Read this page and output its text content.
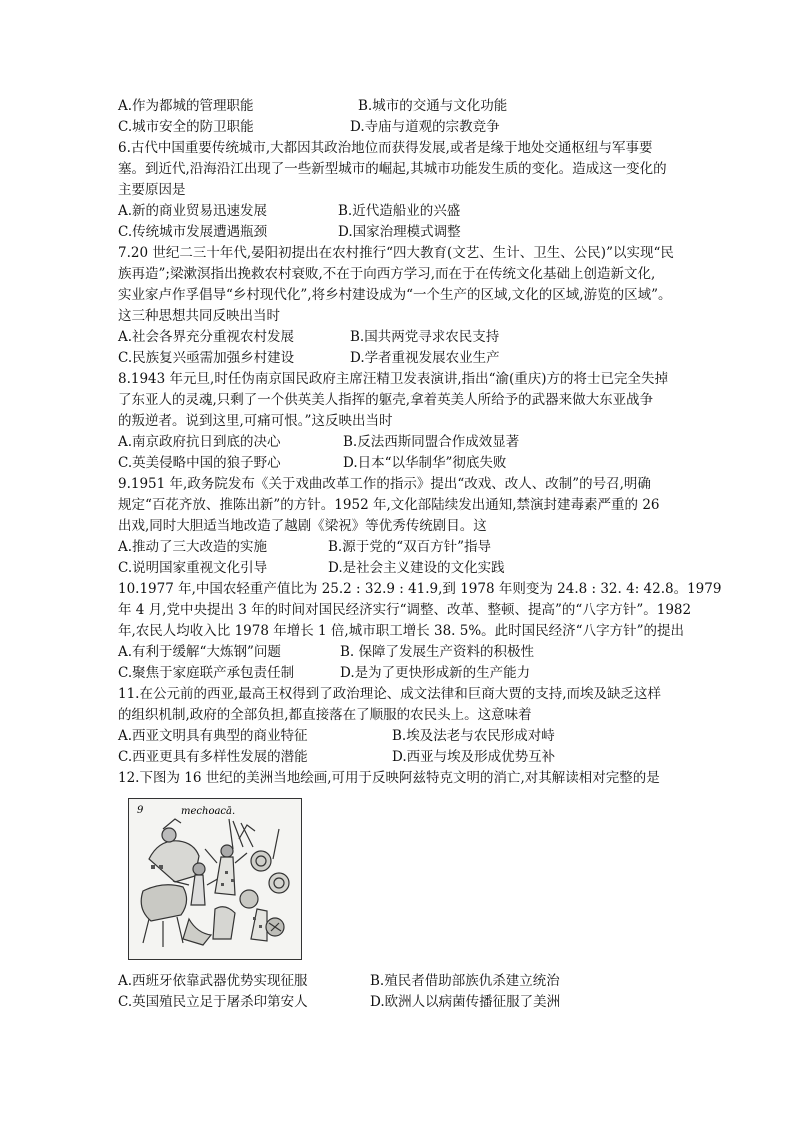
A.作为都城的管理职能	B.城市的交通与文化功能
C.城市安全的防卫职能	D.寺庙与道观的宗教竞争
6.古代中国重要传统城市,大都因其政治地位而获得发展,或者是缘于地处交通枢纽与军事要
塞。到近代,沿海沿江出现了一些新型城市的崛起,其城市功能发生质的变化。造成这一变化的
主要原因是
A.新的商业贸易迅速发展	B.近代造船业的兴盛
C.传统城市发展遭遇瓶颈	D.国家治理模式调整
7.20 世纪二三十年代,晏阳初提出在农村推行“四大教育(文艺、生计、卫生、公民)”以实现“民
族再造”;梁漱溟指出挽救农村衰败,不在于向西方学习,而在于在传统文化基础上创造新文化,
实业家卢作孚倡导“乡村现代化”,将乡村建设成为“一个生产的区域,文化的区域,游览的区域”。
这三种思想共同反映出当时
A.社会各界充分重视农村发展	B.国共两党寻求农民支持
C.民族复兴亟需加强乡村建设	D.学者重视发展农业生产
8.1943 年元旦,时任伪南京国民政府主席汪精卫发表演讲,指出“渝(重庆)方的将士已完全失掉
了东亚人的灵魂,只剩了一个供英美人指挥的躯壳,拿着英美人所给予的武器来做大东亚战争
的叛逆者。说到这里,可痛可恨。”这反映出当时
A.南京政府抗日到底的决心	B.反法西斯同盟合作成效显著
C.英美侵略中国的狼子野心	D.日本“以华制华”彻底失败
9.1951 年,政务院发布《关于戏曲改革工作的指示》提出“改戏、改人、改制”的号召,明确
规定“百花齐放、推陈出新”的方针。1952 年,文化部陆续发出通知,禁演封建毒素严重的 26
出戏,同时大胆适当地改造了越剧《梁祝》等优秀传统剧目。这
A.推动了三大改造的实施	B.源于党的“双百方针”指导
C.说明国家重视文化引导	D.是社会主义建设的文化实践
10.1977 年,中国农轻重产值比为 25.2 : 32.9 : 41.9,到 1978 年则变为 24.8 : 32. 4: 42.8。1979
年 4 月,党中央提出 3 年的时间对国民经济实行“调整、改革、整顿、提高”的“八字方针”。1982
年,农民人均收入比 1978 年增长 1 倍,城市职工增长 38. 5%。此时国民经济“八字方针”的提出
A.有利于缓解“大炼钢”问题	B. 保障了发展生产资料的积极性
C.聚焦于家庭联产承包责任制	D.是为了更快形成新的生产能力
11.在公元前的西亚,最高王权得到了政治理论、成文法律和巨商大贾的支持,而埃及缺乏这样
的组织机制,政府的全部负担,都直接落在了顺服的农民头上。这意味着
A.西亚文明具有典型的商业特征	B.埃及法老与农民形成对峙
C.西亚更具有多样性发展的潜能	D.西亚与埃及形成优势互补
12.下图为 16 世纪的美洲当地绘画,可用于反映阿兹特克文明的消亡,对其解读相对完整的是
9	mechoacā.
A.西班牙依靠武器优势实现征服	B.殖民者借助部族仇杀建立统治
C.英国殖民立足于屠杀印第安人	D.欧洲人以病菌传播征服了美洲
